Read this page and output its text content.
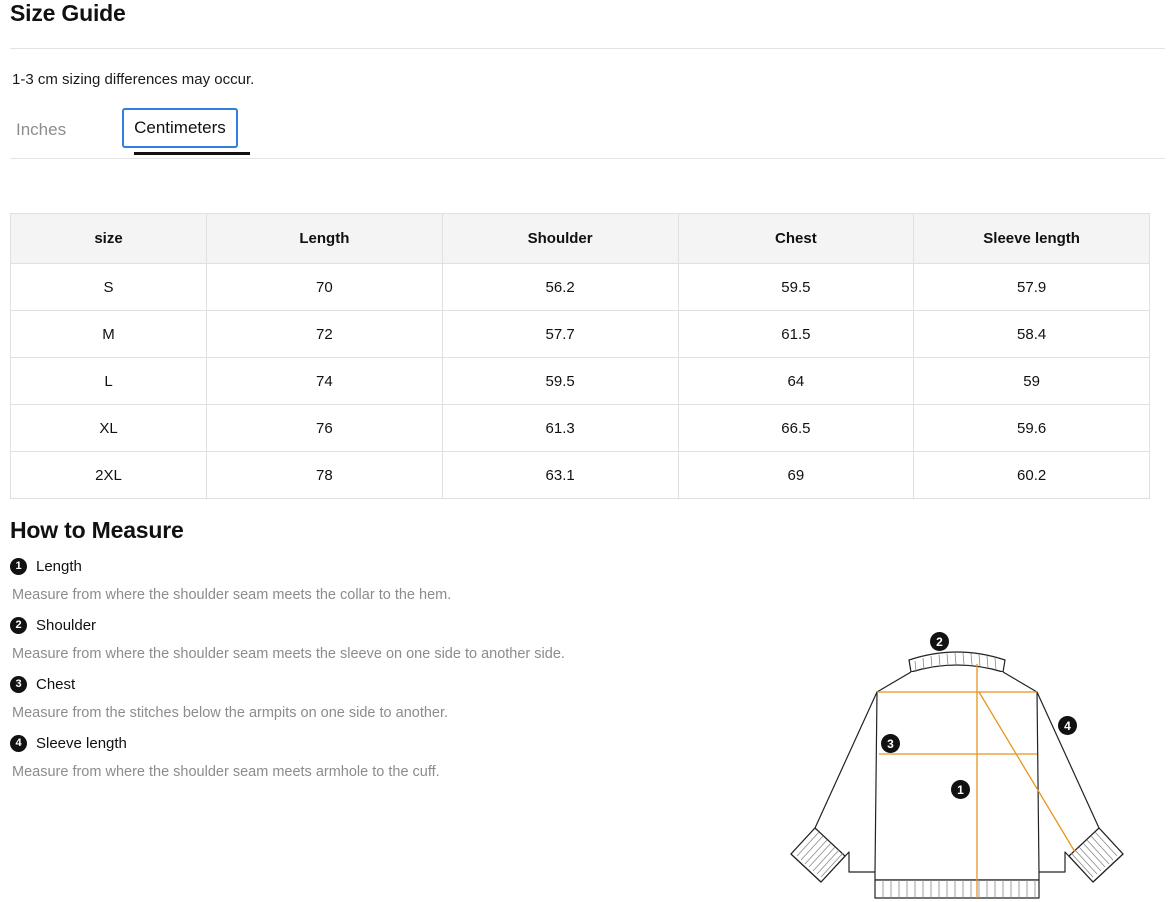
Size Guide

1-3 cm sizing differences may occur.

Inches	Centimeters
size	Length	Shoulder	Chest	Sleeve length
S	70	56.2	59.5	57.9
M	72	57.7	61.5	58.4
L	74	59.5	64	59
XL	76	61.3	66.5	59.6
2XL	78	63.1	69	60.2
How to Measure
1 Length
Measure from where the shoulder seam meets the collar to the hem.
2 Shoulder
Measure from where the shoulder seam meets the sleeve on one side to another side.
3 Chest
Measure from the stitches below the armpits on one side to another.
4 Sleeve length
Measure from where the shoulder seam meets armhole to the cuff.
2
3
4
1
